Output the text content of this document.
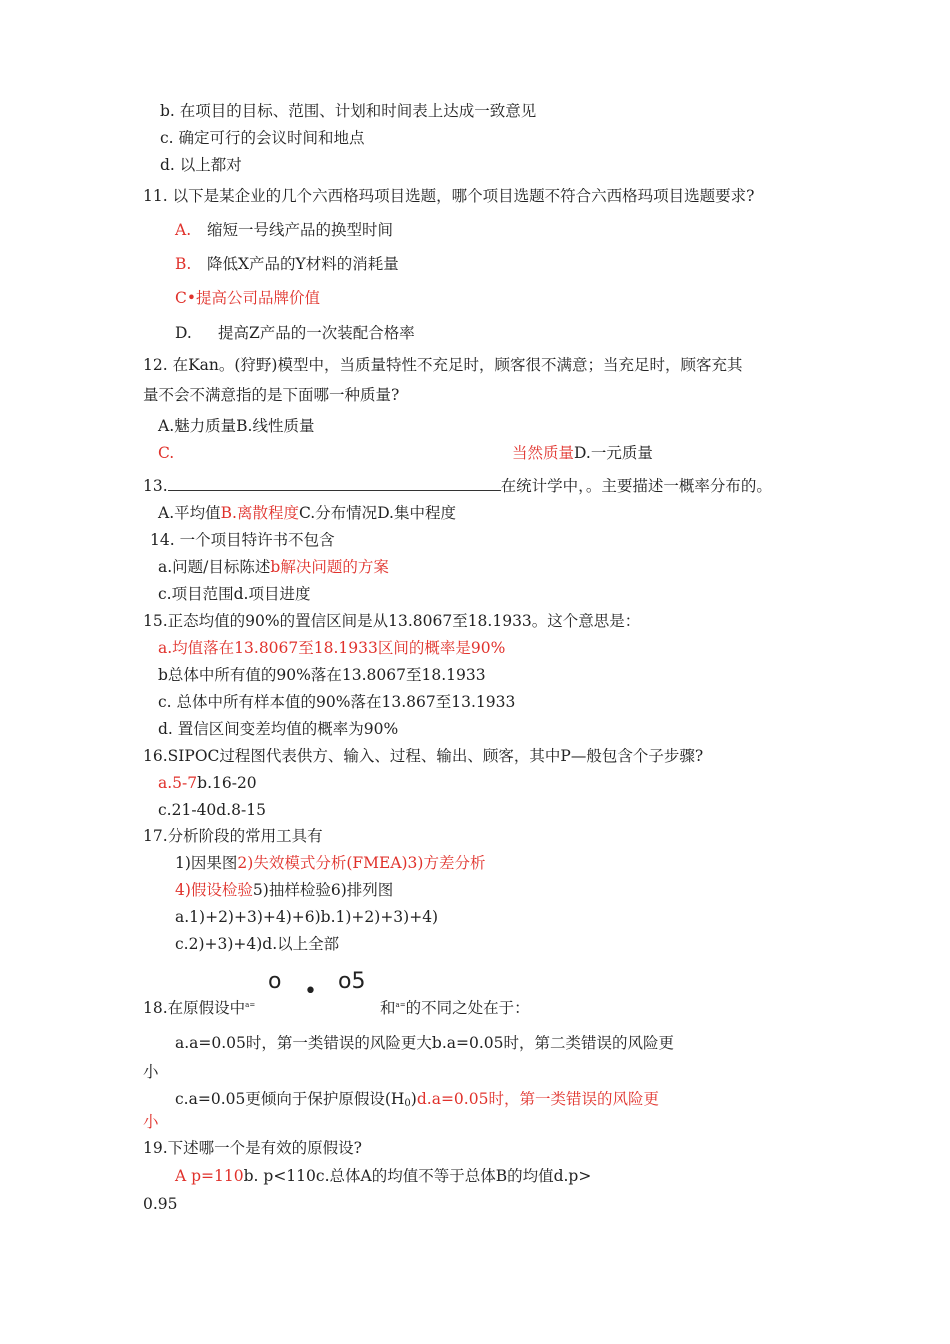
b. 在项目的目标、范围、计划和时间表上达成一致意见
c. 确定可行的会议时间和地点
d. 以上都对
11. 以下是某企业的几个六西格玛项目选题，哪个项目选题不符合六西格玛项目选题要求?
A. 缩短一号线产品的换型时间
B. 降低X产品的Y材料的消耗量
C•提高公司品牌价值
D. 提高Z产品的一次装配合格率
12. 在Kan。(狩野)模型中，当质量特性不充足时，顾客很不满意；当充足时，顾客充其
量不会不满意指的是下面哪一种质量?
A.魅力质量B.线性质量
C.	当然质量D.一元质量
13.	在统计学中，。主要描述一概率分布的。
A.平均值B.离散程度C.分布情况D.集中程度
14. 一个项目特许书不包含
a.问题/目标陈述b解决问题的方案
c.项目范围d.项目进度
15.正态均值的90%的置信区间是从13.8067至18.1933。这个意思是：
a.均值落在13.8067至18.1933区间的概率是90%
b总体中所有值的90%落在13.8067至18.1933
c. 总体中所有样本值的90%落在13.867至13.1933
d. 置信区间变差均值的概率为90%
16.SIPOC过程图代表供方、输入、过程、输出、顾客，其中P—般包含个子步骤?
a.5-7b.16-20
c.21-40d.8-15
17.分析阶段的常用工具有
1)因果图2)失效模式分析(FMEA)3)方差分析
4)假设检验5)抽样检验6)排列图
a.1)+2)+3)+4)+6)b.1)+2)+3)+4)
c.2)+3)+4)d.以上全部
o • o5
18.在原假设中$^{a=}$	和$^{a=}$的不同之处在于：
a.a=0.05时，第一类错误的风险更大b.a=0.05时，第二类错误的风险更
小
c.a=0.05更倾向于保护原假设$(H_0)d.a=0.05$时，第一类错误的风险更
小
19.下述哪一个是有效的原假设?
A p=110b. p<110c.总体A的均值不等于总体B的均值d.p>
0.95
